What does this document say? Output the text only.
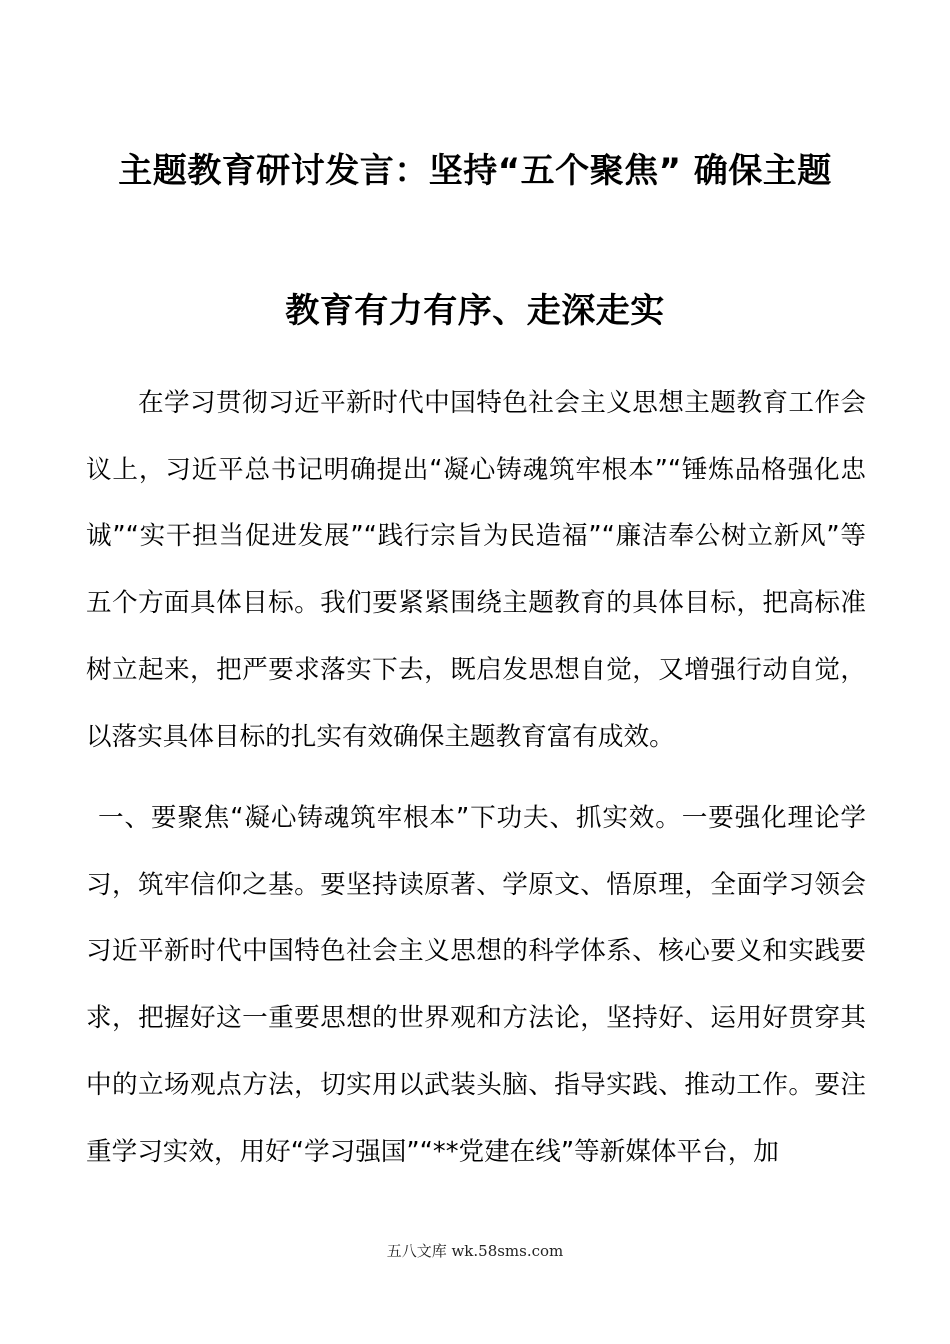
主题教育研讨发言：坚持“五个聚焦” 确保主题
教育有力有序、走深走实
在学习贯彻习近平新时代中国特色社会主义思想主题教育工作会议上，习近平总书记明确提出“凝心铸魂筑牢根本”“锤炼品格强化忠诚”“实干担当促进发展”“践行宗旨为民造福”“廉洁奉公树立新风”等五个方面具体目标。我们要紧紧围绕主题教育的具体目标，把高标准树立起来，把严要求落实下去，既启发思想自觉，又增强行动自觉，以落实具体目标的扎实有效确保主题教育富有成效。
一、要聚焦“凝心铸魂筑牢根本”下功夫、抓实效。一要强化理论学习，筑牢信仰之基。要坚持读原著、学原文、悟原理，全面学习领会习近平新时代中国特色社会主义思想的科学体系、核心要义和实践要求，把握好这一重要思想的世界观和方法论，坚持好、运用好贯穿其中的立场观点方法，切实用以武装头脑、指导实践、推动工作。要注重学习实效，用好“学习强国”“**党建在线”等新媒体平台，加
五八文库 wk.58sms.com
